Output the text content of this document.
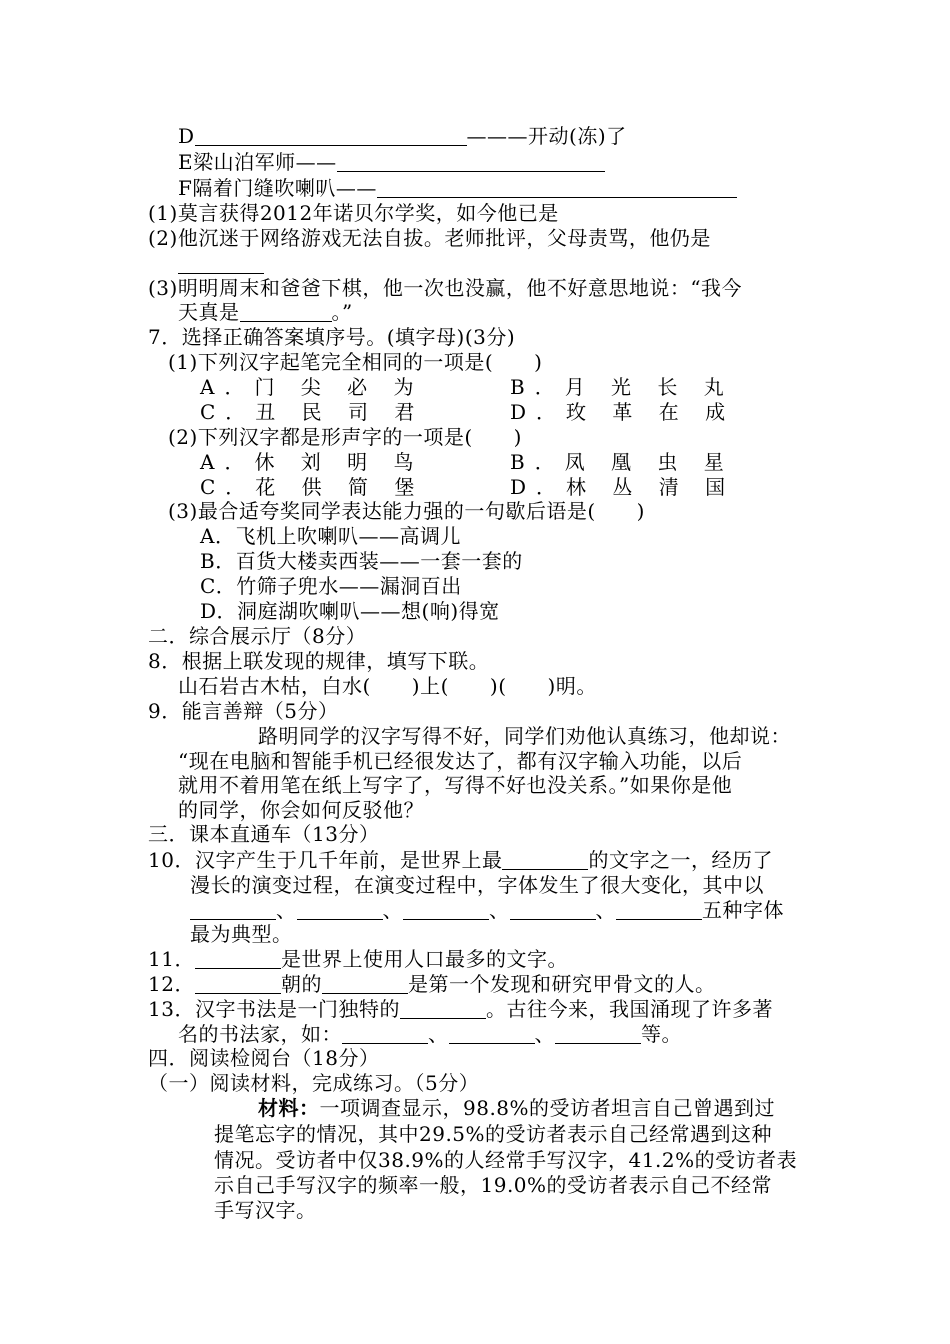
D	———开动(冻)了
E梁山泊军师——
F隔着门缝吹喇叭——
(1)莫言获得2012年诺贝尔学奖，如今他已是
(2)他沉迷于网络游戏无法自拔。老师批评，父母责骂，他仍是
(3)明明周末和爸爸下棋，他一次也没赢，他不好意思地说：“我今
天真是	。”
7．选择正确答案填序号。(填字母)(3分)
(1)下列汉字起笔完全相同的一项是(　　)
A．门 尖 必 为	B．月 光 长 丸
C．丑 民 司 君	D．玫 革 在 成
(2)下列汉字都是形声字的一项是(　　)
A．休 刘 明 鸟	B．凤 凰 虫 星
C．花 供 简 堡	D．林 丛 清 国
(3)最合适夸奖同学表达能力强的一句歇后语是(　　)
A．飞机上吹喇叭——高调儿
B．百货大楼卖西装——一套一套的
C．竹筛子兜水——漏洞百出
D．洞庭湖吹喇叭——想(响)得宽
二．综合展示厅（8分）
8．根据上联发现的规律，填写下联。
山石岩古木枯，白水(　　)上(　　)(　　)明。
9．能言善辩（5分）
路明同学的汉字写得不好，同学们劝他认真练习，他却说：
“现在电脑和智能手机已经很发达了，都有汉字输入功能，以后
就用不着用笔在纸上写字了，写得不好也没关系。”如果你是他
的同学，你会如何反驳他？
三．课本直通车（13分）
10．汉字产生于几千年前，是世界上最	的文字之一，经历了
漫长的演变过程，在演变过程中，字体发生了很大变化，其中以
、	、	、	、	五种字体
最为典型。
11．	是世界上使用人口最多的文字。
12．	朝的	是第一个发现和研究甲骨文的人。
13．汉字书法是一门独特的	。古往今来，我国涌现了许多著
名的书法家，如：	、	、	等。
四．阅读检阅台（18分）
（一）阅读材料，完成练习。（5分）
材料：一项调查显示，98.8%的受访者坦言自己曾遇到过
提笔忘字的情况，其中29.5%的受访者表示自己经常遇到这种
情况。受访者中仅38.9%的人经常手写汉字，41.2%的受访者表
示自己手写汉字的频率一般，19.0%的受访者表示自己不经常
手写汉字。
